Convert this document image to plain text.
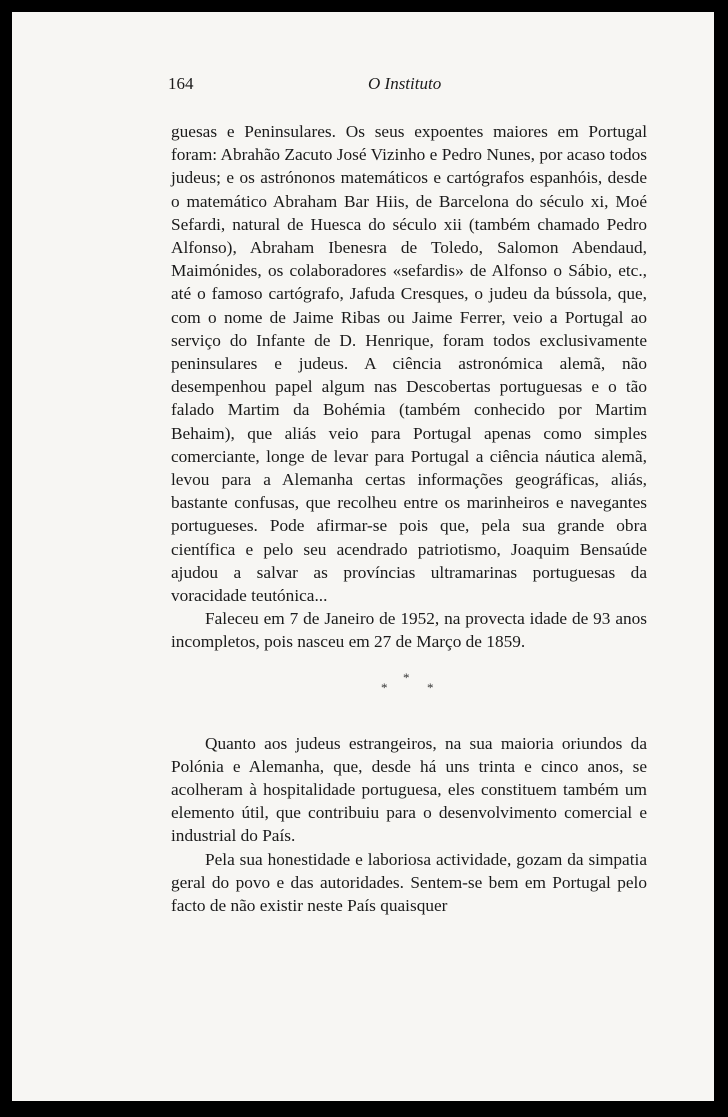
164	O Instituto

guesas e Peninsulares. Os seus expoentes maiores em Portugal foram: Abrahão Zacuto José Vizinho e Pedro Nunes, por acaso todos judeus; e os astrónonos matemáticos e cartógrafos espanhóis, desde o matemático Abraham Bar Hiis, de Barcelona do século xi, Moé Sefardi, natural de Huesca do século xii (também chamado Pedro Alfonso), Abraham Ibenesra de Toledo, Salomon Abendaud, Maimónides, os colaboradores «sefardis» de Alfonso o Sábio, etc., até o famoso cartógrafo, Jafuda Cresques, o judeu da bússola, que, com o nome de Jaime Ribas ou Jaime Ferrer, veio a Portugal ao serviço do Infante de D. Henrique, foram todos exclusivamente peninsulares e judeus. A ciência astronómica alemã, não desempenhou papel algum nas Descobertas portuguesas e o tão falado Martim da Bohémia (também conhecido por Martim Behaim), que aliás veio para Portugal apenas como simples comerciante, longe de levar para Portugal a ciência náutica alemã, levou para a Alemanha certas informações geográficas, aliás, bastante confusas, que recolheu entre os marinheiros e navegantes portugueses. Pode afirmar-se pois que, pela sua grande obra científica e pelo seu acendrado patriotismo, Joaquim Bensaúde ajudou a salvar as províncias ultramarinas portuguesas da voracidade teutónica...

Faleceu em 7 de Janeiro de 1952, na provecta idade de 93 anos incompletos, pois nasceu em 27 de Março de 1859.

*
*	*

Quanto aos judeus estrangeiros, na sua maioria oriundos da Polónia e Alemanha, que, desde há uns trinta e cinco anos, se acolheram à hospitalidade portuguesa, eles constituem também um elemento útil, que contribuiu para o desenvolvimento comercial e industrial do País.

Pela sua honestidade e laboriosa actividade, gozam da simpatia geral do povo e das autoridades. Sentem-se bem em Portugal pelo facto de não existir neste País quaisquer
